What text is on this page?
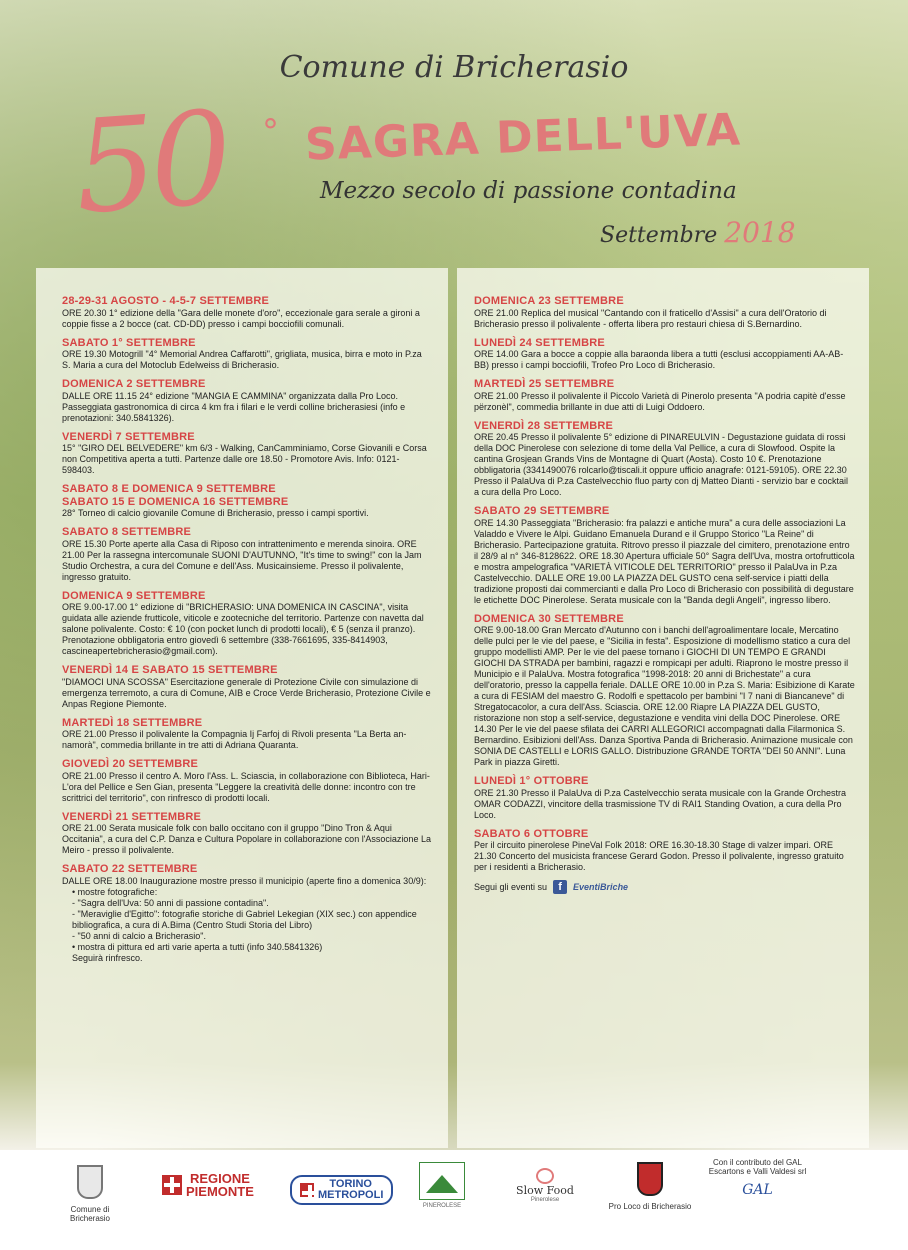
Comune di Bricherasio
50 ° SAGRA DELL'UVA
Mezzo secolo di passione contadina
Settembre 2018
28-29-31 AGOSTO - 4-5-7 SETTEMBRE

ORE 20.30 1° edizione della "Gara delle monete d'oro", eccezionale gara serale a gironi a coppie fisse a 2 bocce (cat. CD-DD) presso i campi bocciofili comunali.

SABATO 1° SETTEMBRE

ORE 19.30 Motogrill "4° Memorial Andrea Caffarotti", grigliata, musica, birra e moto in P.za S. Maria a cura del Motoclub Edelweiss di Bricherasio.

DOMENICA 2 SETTEMBRE

DALLE ORE 11.15 24° edizione "MANGIA E CAMMINA" organizzata dalla Pro Loco. Passeggiata gastronomica di circa 4 km fra i filari e le verdi colline bricherasiesi (info e prenotazioni: 340.5841326).

VENERDÌ 7 SETTEMBRE

15° "GIRO DEL BELVEDERE" km 6/3 - Walking, CanCamminiamo, Corse Giovanili e Corsa non Competitiva aperta a tutti. Partenze dalle ore 18.50 - Promotore Avis. Info: 0121-598403.

SABATO 8 E DOMENICA 9 SETTEMBRE
SABATO 15 E DOMENICA 16 SETTEMBRE

28° Torneo di calcio giovanile Comune di Bricherasio, presso i campi sportivi.

SABATO 8 SETTEMBRE

ORE 15.30 Porte aperte alla Casa di Riposo con intrattenimento e merenda sinoira. ORE 21.00 Per la rassegna intercomunale SUONI D'AUTUNNO, "It's time to swing!" con la Jam Studio Orchestra, a cura del Comune e dell'Ass. Musicainsieme. Presso il polivalente, ingresso gratuito.

DOMENICA 9 SETTEMBRE

ORE 9.00-17.00 1° edizione di "BRICHERASIO: UNA DOMENICA IN CASCINA", visita guidata alle aziende frutticole, viticole e zootecniche del territorio. Partenze con navetta dal salone polivalente. Costo: € 10 (con pocket lunch di prodotti locali), € 5 (senza il pranzo). Prenotazione obbligatoria entro giovedì 6 settembre (338-7661695, 335-8414903, cascineapertebricherasio@gmail.com).

VENERDÌ 14 E SABATO 15 SETTEMBRE

"DIAMOCI UNA SCOSSA" Esercitazione generale di Protezione Civile con simulazione di emergenza terremoto, a cura di Comune, AIB e Croce Verde Bricherasio, Protezione Civile e Anpas Regione Piemonte.

MARTEDÌ 18 SETTEMBRE

ORE 21.00 Presso il polivalente la Compagnia Ij Farfoj di Rivoli presenta "La Berta an-namorà", commedia brillante in tre atti di Adriana Quaranta.

GIOVEDÌ 20 SETTEMBRE

ORE 21.00 Presso il centro A. Moro l'Ass. L. Sciascia, in collaborazione con Biblioteca, Hari-L'ora del Pellice e Sen Gian, presenta "Leggere la creatività delle donne: incontro con tre scrittrici del territorio", con rinfresco di prodotti locali.

VENERDÌ 21 SETTEMBRE

ORE 21.00 Serata musicale folk con ballo occitano con il gruppo "Dino Tron & Aqui Occitania", a cura del C.P. Danza e Cultura Popolare in collaborazione con l'Associazione La Meiro - presso il polivalente.

SABATO 22 SETTEMBRE

DALLE ORE 18.00 Inaugurazione mostre presso il municipio (aperte fino a domenica 30/9):

• mostre fotografiche:

- "Sagra dell'Uva: 50 anni di passione contadina".

- "Meraviglie d'Egitto": fotografie storiche di Gabriel Lekegian (XIX sec.) con appendice bibliografica, a cura di A.Bima (Centro Studi Storia del Libro)

- "50 anni di calcio a Bricherasio".

• mostra di pittura ed arti varie aperta a tutti (info 340.5841326)

Seguirà rinfresco.

DOMENICA 23 SETTEMBRE

ORE 21.00 Replica del musical "Cantando con il fraticello d'Assisi" a cura dell'Oratorio di Bricherasio presso il polivalente - offerta libera pro restauri chiesa di S.Bernardino.

LUNEDÌ 24 SETTEMBRE

ORE 14.00 Gara a bocce a coppie alla baraonda libera a tutti (esclusi accoppiamenti AA-AB-BB) presso i campi bocciofili, Trofeo Pro Loco di Bricherasio.

MARTEDÌ 25 SETTEMBRE

ORE 21.00 Presso il polivalente il Piccolo Varietà di Pinerolo presenta "A podria capitè d'esse përzonèl", commedia brillante in due atti di Luigi Oddoero.

VENERDÌ 28 SETTEMBRE

ORE 20.45 Presso il polivalente 5° edizione di PINAREULVIN - Degustazione guidata di rossi della DOC Pinerolese con selezione di tome della Val Pellice, a cura di Slowfood. Ospite la cantina Grosjean Grands Vins de Montagne di Quart (Aosta). Costo 10 €. Prenotazione obbligatoria (3341490076 rolcarlo@tiscali.it oppure ufficio anagrafe: 0121-59105). ORE 22.30 Presso il PalaUva di P.za Castelvecchio fluo party con dj Matteo Dianti - servizio bar e cocktail a cura della Pro Loco.

SABATO 29 SETTEMBRE

ORE 14.30 Passeggiata "Bricherasio: fra palazzi e antiche mura" a cura delle associazioni La Valaddo e Vivere le Alpi. Guidano Emanuela Durand e il Gruppo Storico "La Reine" di Bricherasio. Partecipazione gratuita. Ritrovo presso il piazzale del cimitero, prenotazione entro il 28/9 al n° 346-8128622. ORE 18.30 Apertura ufficiale 50° Sagra dell'Uva, mostra ortofrutticola e mostra ampelografica "VARIETÀ VITICOLE DEL TERRITORIO" presso il PalaUva in P.za Castelvecchio. DALLE ORE 19.00 LA PIAZZA DEL GUSTO cena self-service i piatti della tradizione proposti dai commercianti e dalla Pro Loco di Bricherasio con possibilità di degustare le etichette DOC Pinerolese. Serata musicale con la "Banda degli Angeli", ingresso libero.

DOMENICA 30 SETTEMBRE

ORE 9.00-18.00 Gran Mercato d'Autunno con i banchi dell'agroalimentare locale, Mercatino delle pulci per le vie del paese, e "Sicilia in festa". Esposizione di modellismo statico a cura del gruppo modellisti AMP. Per le vie del paese tornano i GIOCHI DI UN TEMPO E GRANDI GIOCHI DA STRADA per bambini, ragazzi e rompicapi per adulti. Riaprono le mostre presso il Municipio e il PalaUva. Mostra fotografica "1998-2018: 20 anni di Brichestate" a cura dell'oratorio, presso la cappella feriale. DALLE ORE 10.00 in P.za S. Maria: Esibizione di Karate a cura di FESIAM del maestro G. Rodolfi e spettacolo per bambini "I 7 nani di Biancaneve" di Stregatocacolor, a cura dell'Ass. Sciascia. ORE 12.00 Riapre LA PIAZZA DEL GUSTO, ristorazione non stop a self-service, degustazione e vendita vini della DOC Pinerolese. ORE 14.30 Per le vie del paese sfilata dei CARRI ALLEGORICI accompagnati dalla Filarmonica S. Bernardino. Esibizioni dell'Ass. Danza Sportiva Panda di Bricherasio. Animazione musicale con SONIA DE CASTELLI e LORIS GALLO. Distribuzione GRANDE TORTA "DEI 50 ANNI". Luna Park in piazza Giretti.

LUNEDÌ 1° OTTOBRE

ORE 21.30 Presso il PalaUva di P.za Castelvecchio serata musicale con la Grande Orchestra OMAR CODAZZI, vincitore della trasmissione TV di RAI1 Standing Ovation, a cura della Pro Loco.

SABATO 6 OTTOBRE

Per il circuito pinerolese PineVal Folk 2018: ORE 16.30-18.30 Stage di valzer impari. ORE 21.30 Concerto del musicista francese Gerard Godon. Presso il polivalente, ingresso gratuito per i residenti a Bricherasio.

Segui gli eventi su	f	EventiBriche
Comune di Bricherasio
REGIONE
PIEMONTE	TORINO
METROPOLI
PINEROLESE
Slow Food
Pinerolese
Pro Loco di Bricherasio
Con il contributo del GAL Escartons e Valli Valdesi srl
GAL
